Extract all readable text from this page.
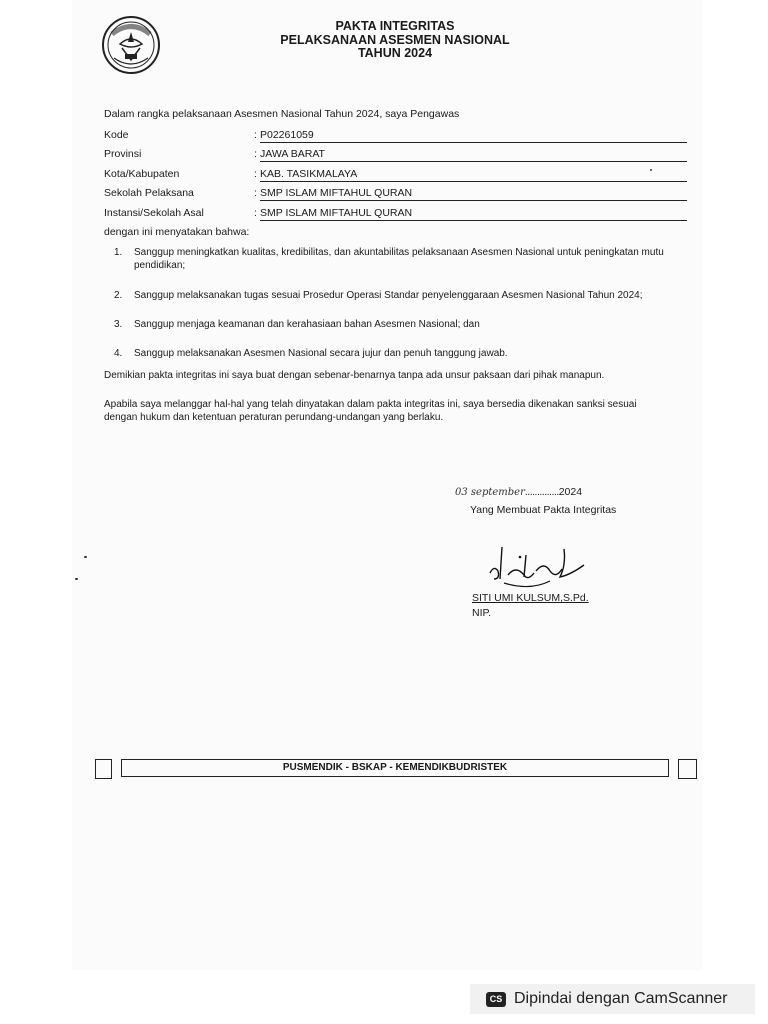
PAKTA INTEGRITAS
PELAKSANAAN ASESMEN NASIONAL
TAHUN 2024
Dalam rangka pelaksanaan Asesmen Nasional Tahun 2024, saya Pengawas
Kode	: P02261059
Provinsi	: JAWA BARAT
Kota/Kabupaten	: KAB. TASIKMALAYA
Sekolah Pelaksana	: SMP ISLAM MIFTAHUL QURAN
Instansi/Sekolah Asal	: SMP ISLAM MIFTAHUL QURAN
dengan ini menyatakan bahwa:
1. Sanggup meningkatkan kualitas, kredibilitas, dan akuntabilitas pelaksanaan Asesmen Nasional untuk peningkatan mutu pendidikan;
2. Sanggup melaksanakan tugas sesuai Prosedur Operasi Standar penyelenggaraan Asesmen Nasional Tahun 2024;
3. Sanggup menjaga keamanan dan kerahasiaan bahan Asesmen Nasional; dan
4. Sanggup melaksanakan Asesmen Nasional secara jujur dan penuh tanggung jawab.
Demikian pakta integritas ini saya buat dengan sebenar-benarnya tanpa ada unsur paksaan dari pihak manapun.
Apabila saya melanggar hal-hal yang telah dinyatakan dalam pakta integritas ini, saya bersedia dikenakan sanksi sesuai dengan hukum dan ketentuan peraturan perundang-undangan yang berlaku.
03 september..............2024
Yang Membuat Pakta Integritas
SITI UMI KULSUM,S.Pd.
NIP.
PUSMENDIK - BSKAP - KEMENDIKBUDRISTEK
CS Dipindai dengan CamScanner
